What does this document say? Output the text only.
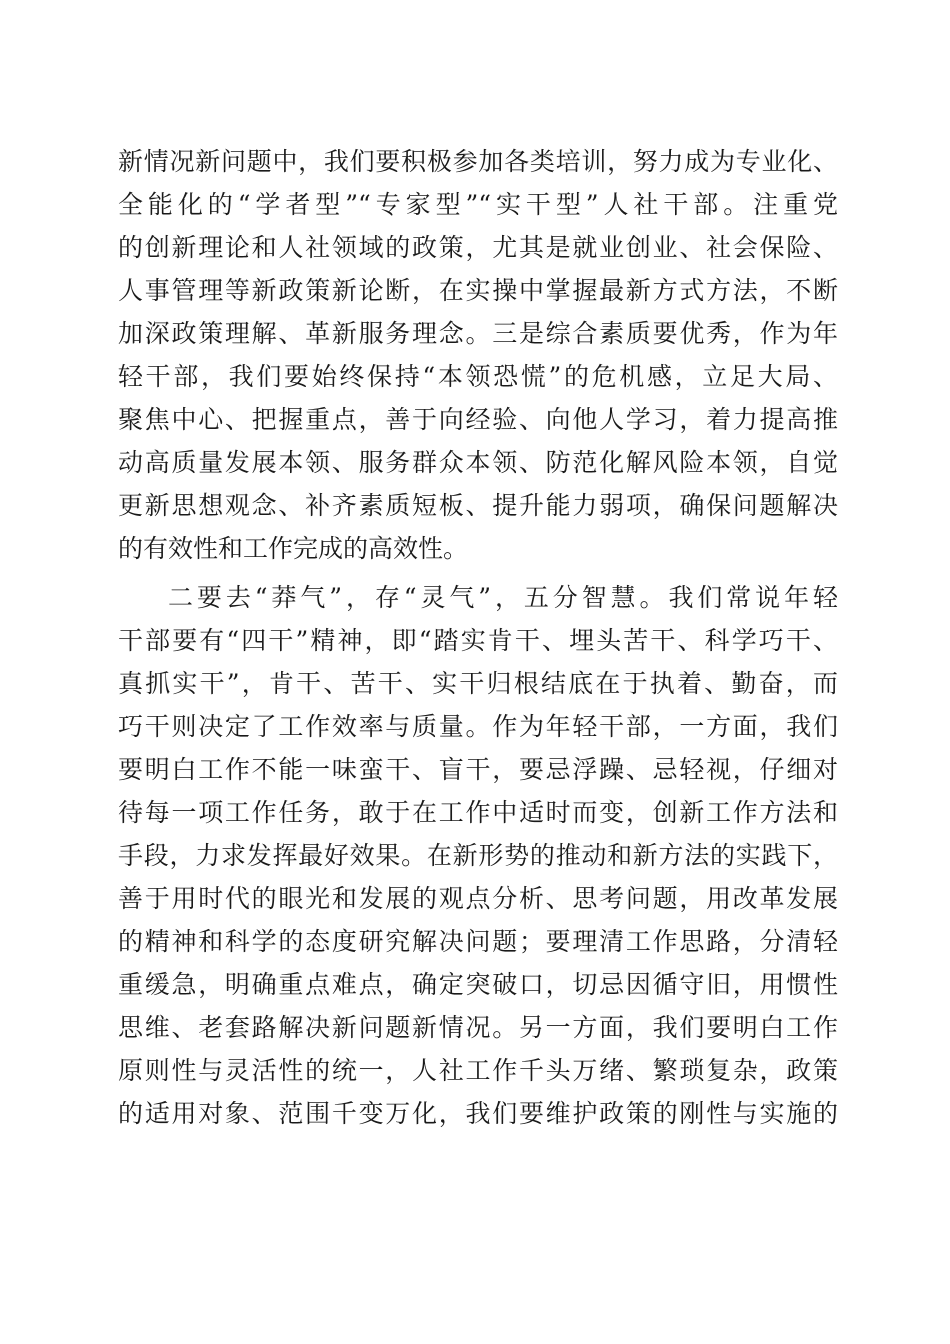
新情况新问题中，我们要积极参加各类培训，努力成为专业化、
全能化的“学者型”“专家型”“实干型”人社干部。注重党
的创新理论和人社领域的政策，尤其是就业创业、社会保险、
人事管理等新政策新论断，在实操中掌握最新方式方法，不断
加深政策理解、革新服务理念。三是综合素质要优秀，作为年
轻干部，我们要始终保持“本领恐慌”的危机感，立足大局、
聚焦中心、把握重点，善于向经验、向他人学习，着力提高推
动高质量发展本领、服务群众本领、防范化解风险本领，自觉
更新思想观念、补齐素质短板、提升能力弱项，确保问题解决
的有效性和工作完成的高效性。
二要去“莽气”，存“灵气”，五分智慧。我们常说年轻
干部要有“四干”精神，即“踏实肯干、埋头苦干、科学巧干、
真抓实干”，肯干、苦干、实干归根结底在于执着、勤奋，而
巧干则决定了工作效率与质量。作为年轻干部，一方面，我们
要明白工作不能一味蛮干、盲干，要忌浮躁、忌轻视，仔细对
待每一项工作任务，敢于在工作中适时而变，创新工作方法和
手段，力求发挥最好效果。在新形势的推动和新方法的实践下，
善于用时代的眼光和发展的观点分析、思考问题，用改革发展
的精神和科学的态度研究解决问题；要理清工作思路，分清轻
重缓急，明确重点难点，确定突破口，切忌因循守旧，用惯性
思维、老套路解决新问题新情况。另一方面，我们要明白工作
原则性与灵活性的统一，人社工作千头万绪、繁琐复杂，政策
的适用对象、范围千变万化，我们要维护政策的刚性与实施的
